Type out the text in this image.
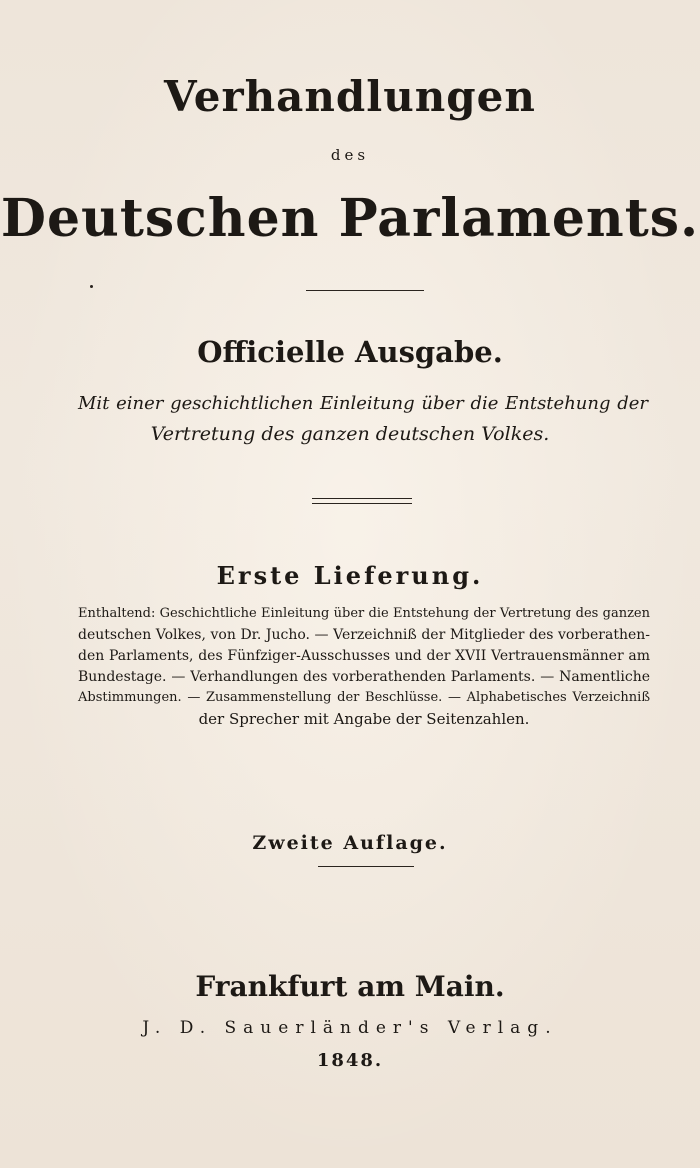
Verhandlungen
des
Deutschen Parlaments.
Officielle Ausgabe.
Mit einer geschichtlichen Einleitung über die Entstehung der
Vertretung des ganzen deutschen Volkes.
Erste Lieferung.
Enthaltend: Geschichtliche Einleitung über die Entstehung der Vertretung des ganzen
deutschen Volkes, von Dr. Jucho. — Verzeichniß der Mitglieder des vorberathen-
den Parlaments, des Fünfziger-Ausschusses und der XVII Vertrauensmänner am
Bundestage. — Verhandlungen des vorberathenden Parlaments. — Namentliche
Abstimmungen. — Zusammenstellung der Beschlüsse. — Alphabetisches Verzeichniß
der Sprecher mit Angabe der Seitenzahlen.
Zweite Auflage.
Frankfurt am Main.
J. D. Sauerländer's Verlag.
1848.
